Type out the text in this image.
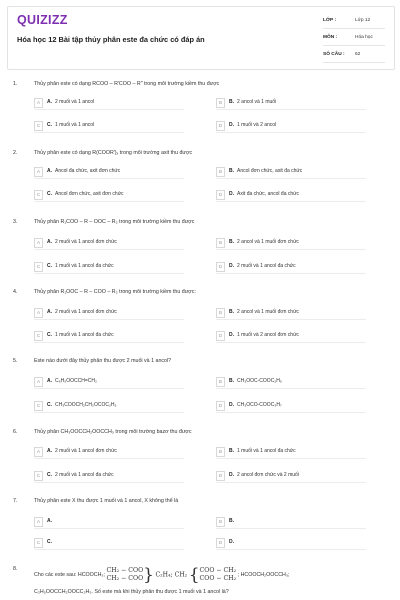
QUIZIZZ
Hóa học 12 Bài tập thủy phân este đa chức có đáp án
LỚP :	Lớp 12
MÔN :	Hóa học
SỐ CÂU : 62
1.	Thủy phân este có dạng RCOO – R'COO – R" trong môi trường kiềm thu được
A	A. 2 muối và 1 ancol	B	B. 2 ancol và 1 muối
C	C. 1 muối và 1 ancol	D	D. 1 muối và 2 ancol
2.	Thủy phân este có dạng R(COOR')ₓ trong môi trường axit thu được
A	A. Ancol đa chức, axit đơn chức	B	B. Ancol đơn chức, axit đa chức
C	C. Ancol đơn chức, axit đơn chức	D	D. Axit đa chức, ancol đa chức
3.	Thủy phân R₁COO – R – OOC – R₂ trong môi trường kiềm thu được
A	A. 2 muối và 1 ancol đơn chức	B	B. 2 ancol và 1 muối đơn chức
C	C. 1 muối và 1 ancol đa chức	D	D. 2 muối và 1 ancol đa chức
4.	Thủy phân R₁OOC – R – COO – R₂ trong môi trường kiềm thu được:
A	A. 2 muối và 1 ancol đơn chức	B	B. 2 ancol và 1 muối đơn chức
C	C. 1 muối và 1 ancol đa chức	D	D. 1 muối và 2 ancol đơn chức
5.	Este nào dưới đây thủy phân thu được 2 muối và 1 ancol?
A	A. C₆H₅OOCCH=CH₂	B	B. CH₃OOC-COOC₂H₅
C	C. CH₃COOCH₂CH₂OCOC₂H₅	D	D. CH₃OCO-COOC₃H₇
6.	Thủy phân CH₃OOCCH₂OOCCH₃ trong môi trường bazơ thu được
A	A. 2 muối và 1 ancol đơn chức	B	B. 1 muối và 1 ancol đa chức
C	C. 2 muối và 1 ancol đa chức	D	D. 2 ancol đơn chức và 2 muối
7.	Thủy phân este X thu được 1 muối và 1 ancol, X không thể là
A	A.	B	B.
C	C.	D	D.
8.
Cho các este sau: HCOOCH₃;
CH₂ − COO
CH₂ − COO } C₂H₄; CH₂ { COO − CH₂
COO − CH₂ ; HCOOCH₂OOCCH₃;
C₂H₅OOCCH₂OOCC₂H₅. Số este mà khi thủy phân thu được 1 muối và 1 ancol là?
